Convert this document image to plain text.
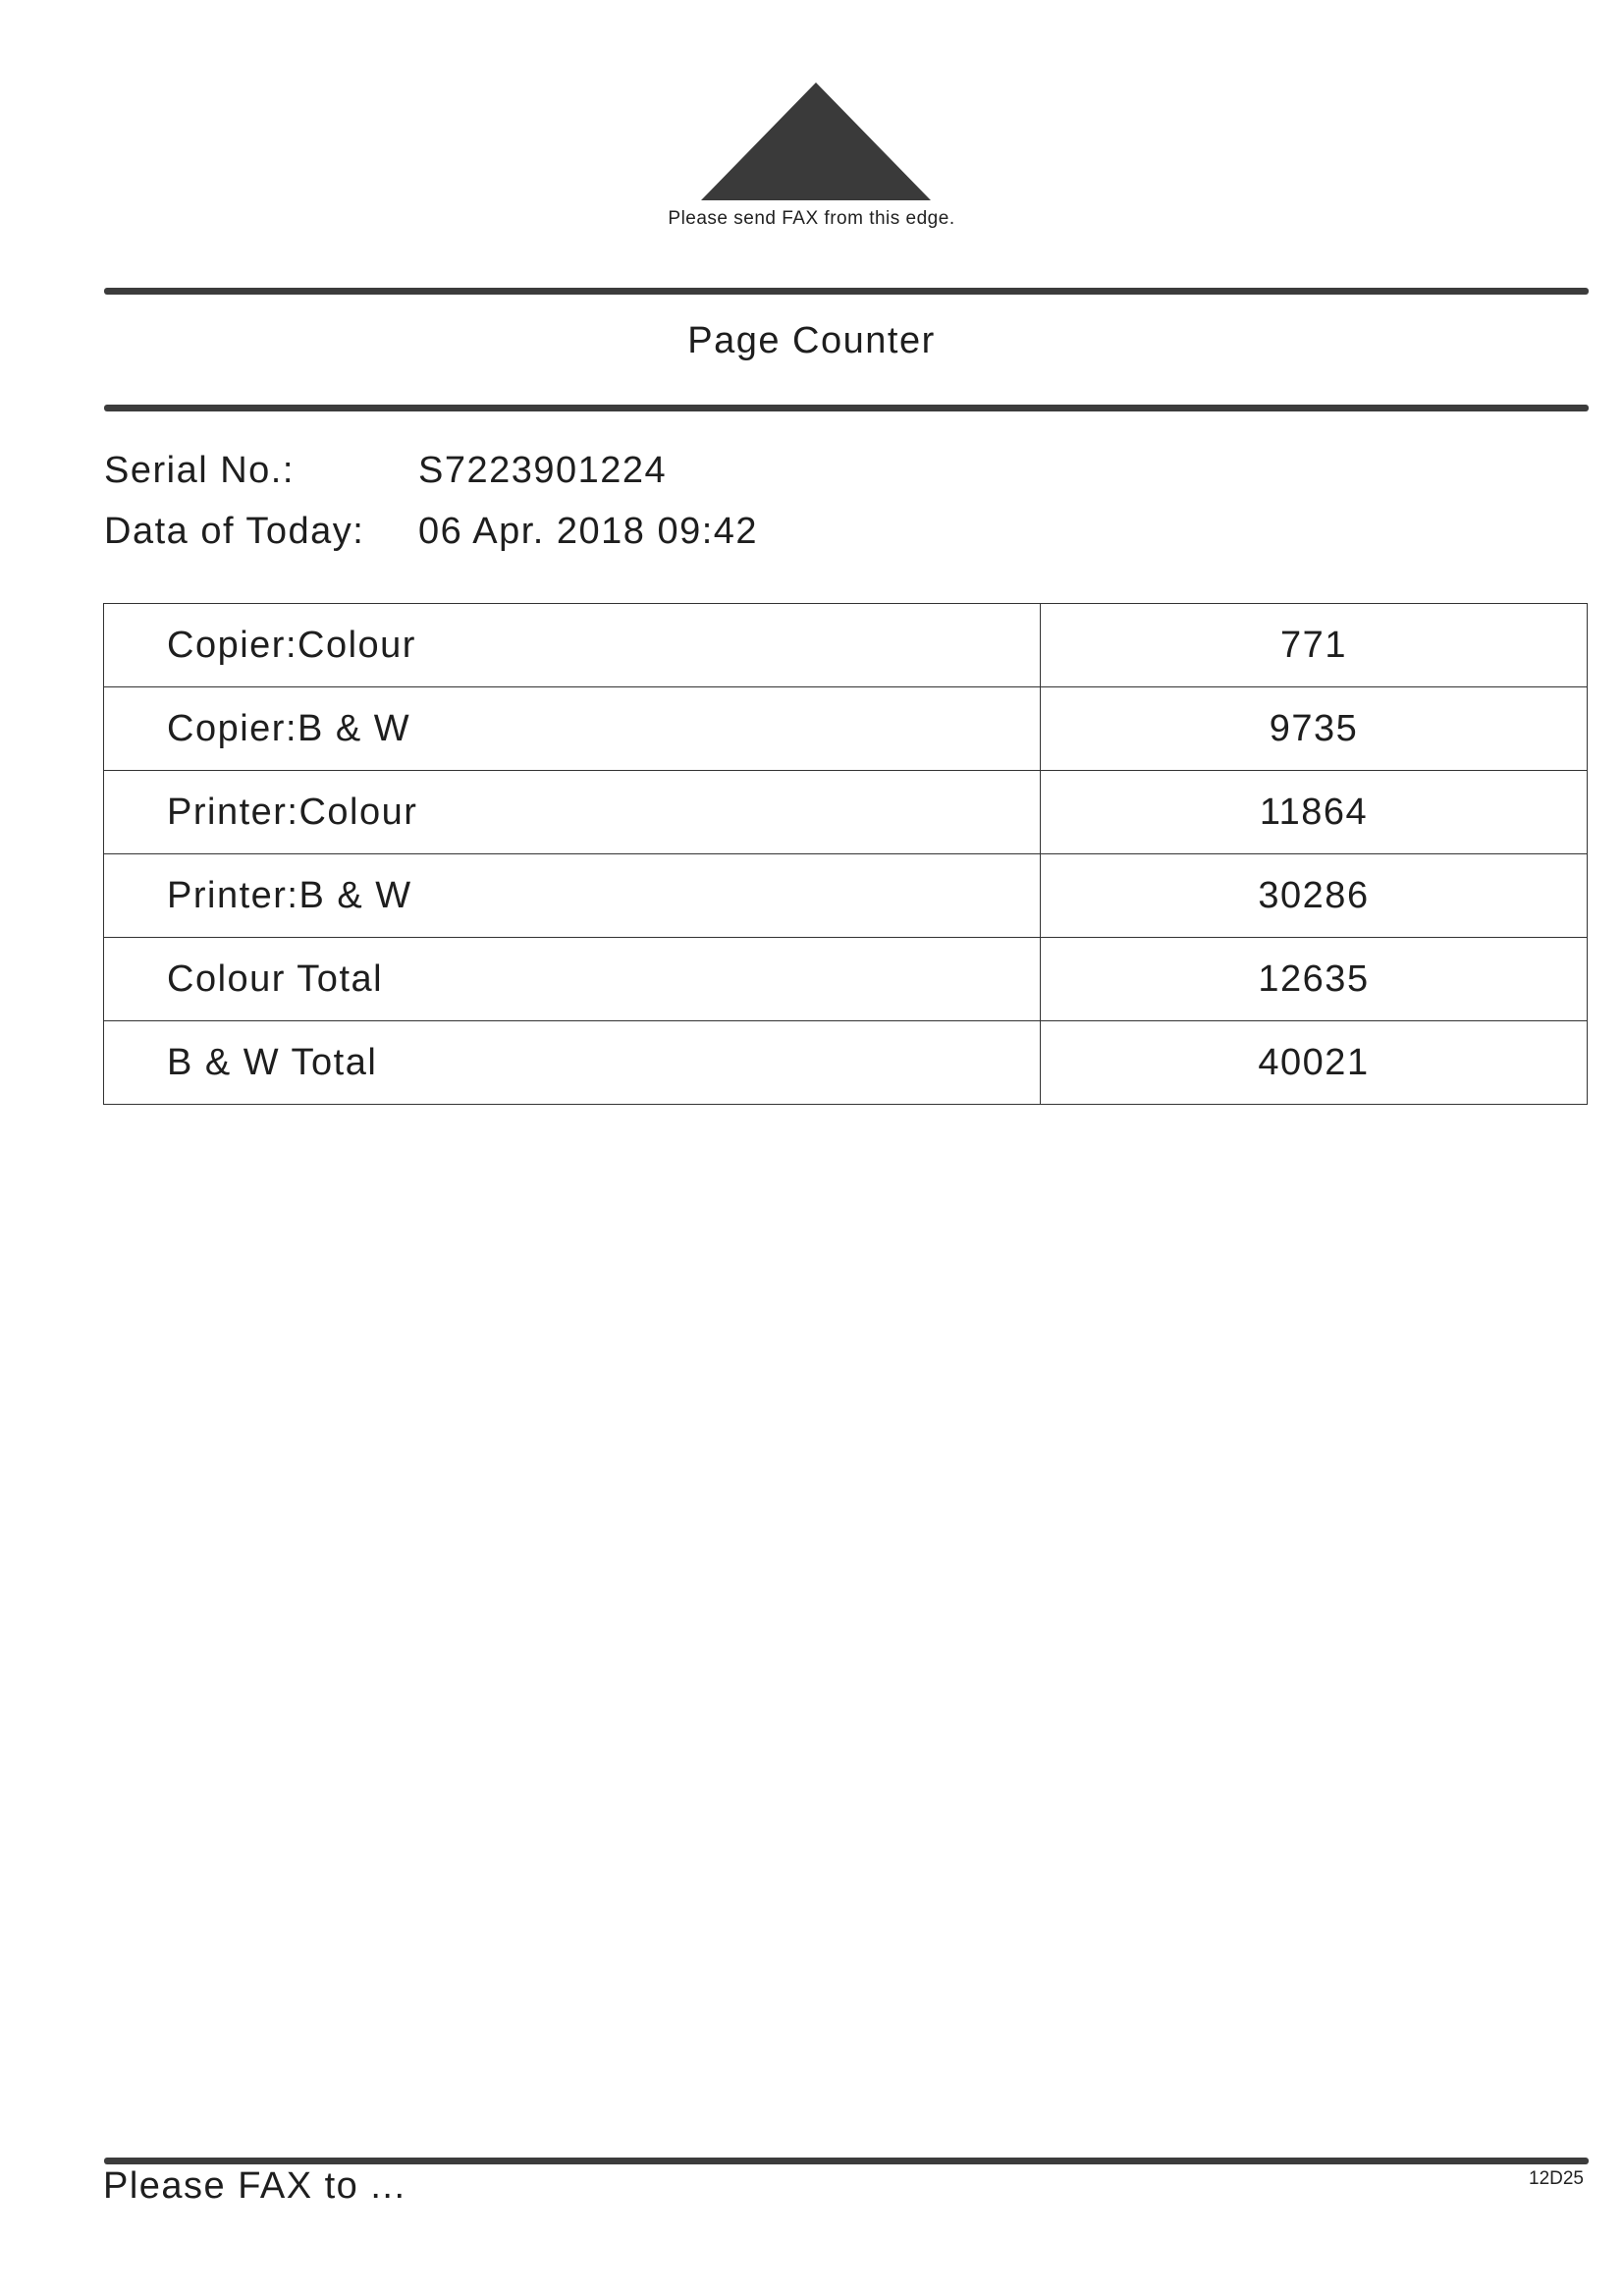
Please send FAX from this edge.
Page Counter
Serial No.:	S7223901224
Data of Today: 06 Apr. 2018 09:42
Copier:Colour	771
Copier:B & W	9735
Printer:Colour	11864
Printer:B & W	30286
Colour Total	12635
B & W Total	40021
Please FAX to ...	12D25
